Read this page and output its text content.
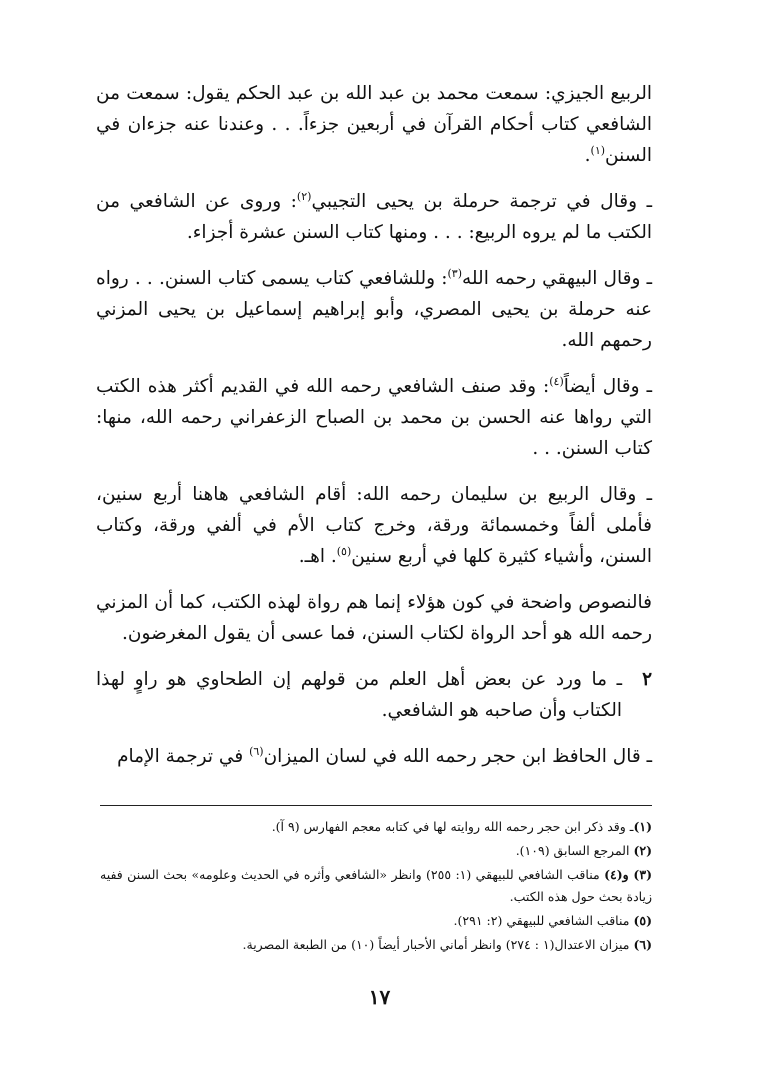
الربيع الجيزي: سمعت محمد بن عبد الله بن عبد الحكم يقول: سمعت من الشافعي كتاب أحكام القرآن في أربعين جزءاً. . . وعندنا عنه جزءان في السنن$^{(١)}$.

ـ وقال في ترجمة حرملة بن يحيى التجيبي$^{(٢)}$: وروى عن الشافعي من الكتب ما لم يروه الربيع: . . . ومنها كتاب السنن عشرة أجزاء.

ـ وقال البيهقي رحمه الله$^{(٣)}$: وللشافعي كتاب يسمى كتاب السنن. . . رواه عنه حرملة بن يحيى المصري، وأبو إبراهيم إسماعيل بن يحيى المزني رحمهم الله.

ـ وقال أيضاً$^{(٤)}$: وقد صنف الشافعي رحمه الله في القديم أكثر هذه الكتب التي رواها عنه الحسن بن محمد بن الصباح الزعفراني رحمه الله، منها: كتاب السنن. . .

ـ وقال الربيع بن سليمان رحمه الله: أقام الشافعي هاهنا أربع سنين، فأملى ألفاً وخمسمائة ورقة، وخرج كتاب الأم في ألفي ورقة، وكتاب السنن، وأشياء كثيرة كلها في أربع سنين$^{(٥)}$. اهـ.

فالنصوص واضحة في كون هؤلاء إنما هم رواة لهذه الكتب، كما أن المزني رحمه الله هو أحد الرواة لكتاب السنن، فما عسى أن يقول المغرضون.

٢
ـ ما ورد عن بعض أهل العلم من قولهم إن الطحاوي هو راوٍ لهذا الكتاب وأن صاحبه هو الشافعي.

ـ قال الحافظ ابن حجر رحمه الله في لسان الميزان$^{(٦)}$ في ترجمة الإمام

(١)ـ وقد ذكر ابن حجر رحمه الله روايته لها في كتابه معجم الفهارس (٩ آ).

(٢) المرجع السابق (١٠٩).

(٣) و(٤) مناقب الشافعي للبيهقي (١: ٢٥٥) وانظر «الشافعي وأثره في الحديث وعلومه» بحث السنن ففيه زيادة بحث حول هذه الكتب.

(٥) مناقب الشافعي للبيهقي (٢: ٢٩١).

(٦) ميزان الاعتدال(١ : ٢٧٤) وانظر أماني الأحبار أيضاً (١٠) من الطبعة المصرية.

١٧
